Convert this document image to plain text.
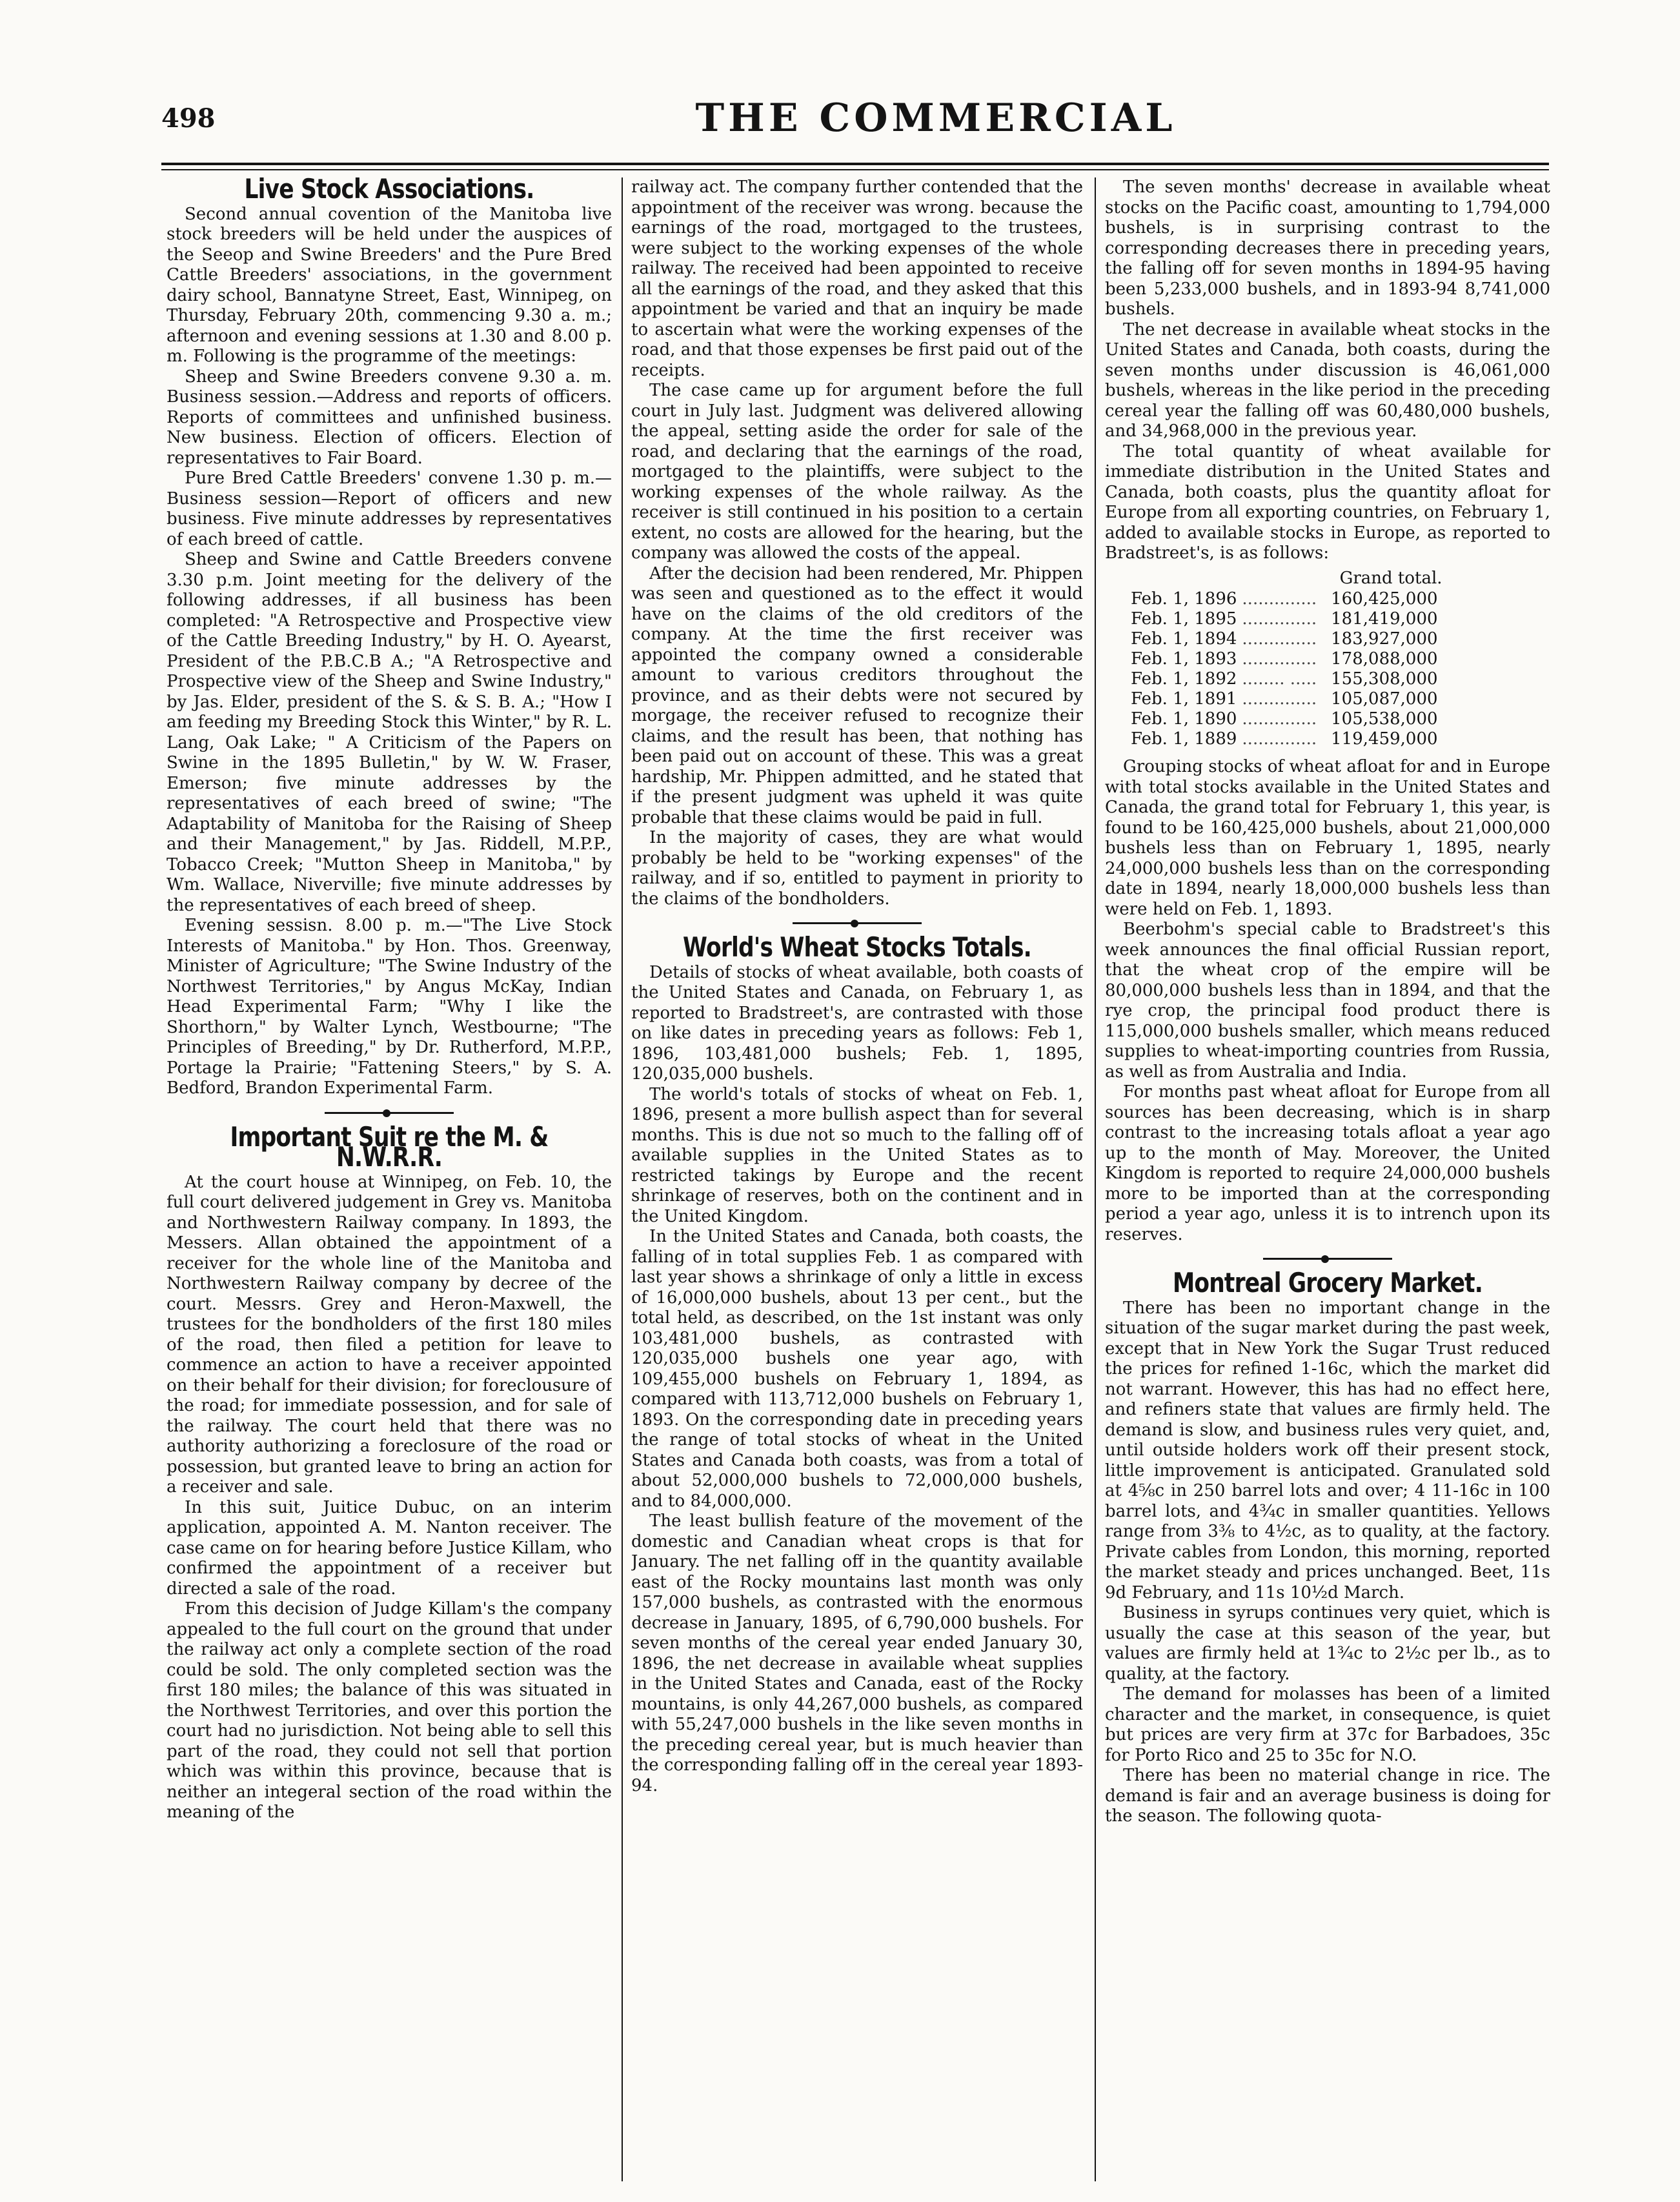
498	THE COMMERCIAL
Live Stock Associations.

Second annual covention of the Manitoba live stock breeders will be held under the auspices of the Seeop and Swine Breeders' and the Pure Bred Cattle Breeders' associations, in the government dairy school, Bannatyne Street, East, Winnipeg, on Thursday, February 20th, commencing 9.30 a. m.; afternoon and evening sessions at 1.30 and 8.00 p. m. Following is the programme of the meetings:

Sheep and Swine Breeders convene 9.30 a. m. Business session.—Address and reports of officers. Reports of committees and unfinished business. New business. Election of officers. Election of representatives to Fair Board.

Pure Bred Cattle Breeders' convene 1.30 p. m.—Business session—Report of officers and new business. Five minute addresses by representatives of each breed of cattle.

Sheep and Swine and Cattle Breeders convene 3.30 p.m. Joint meeting for the delivery of the following addresses, if all business has been completed: "A Retrospective and Prospective view of the Cattle Breeding Industry," by H. O. Ayearst, President of the P.B.C.B A.; "A Retrospective and Prospective view of the Sheep and Swine Industry," by Jas. Elder, president of the S. & S. B. A.; "How I am feeding my Breeding Stock this Winter," by R. L. Lang, Oak Lake; " A Criticism of the Papers on Swine in the 1895 Bulletin," by W. W. Fraser, Emerson; five minute addresses by the representatives of each breed of swine; "The Adaptability of Manitoba for the Raising of Sheep and their Management," by Jas. Riddell, M.P.P., Tobacco Creek; "Mutton Sheep in Manitoba," by Wm. Wallace, Niverville; five minute addresses by the representatives of each breed of sheep.

Evening sessisn. 8.00 p. m.—"The Live Stock Interests of Manitoba." by Hon. Thos. Greenway, Minister of Agriculture; "The Swine Industry of the Northwest Territories," by Angus McKay, Indian Head Experimental Farm; "Why I like the Shorthorn," by Walter Lynch, Westbourne; "The Principles of Breeding," by Dr. Rutherford, M.P.P., Portage la Prairie; "Fattening Steers," by S. A. Bedford, Brandon Experimental Farm.

Important Suit re the M. & N.W.R.R.

At the court house at Winnipeg, on Feb. 10, the full court delivered judgement in Grey vs. Manitoba and Northwestern Railway company. In 1893, the Messers. Allan obtained the appointment of a receiver for the whole line of the Manitoba and Northwestern Railway company by decree of the court. Messrs. Grey and Heron-Maxwell, the trustees for the bondholders of the first 180 miles of the road, then filed a petition for leave to commence an action to have a receiver appointed on their behalf for their division; for foreclousure of the road; for immediate possession, and for sale of the railway. The court held that there was no authority authorizing a foreclosure of the road or possession, but granted leave to bring an action for a receiver and sale.

In this suit, Juitice Dubuc, on an interim application, appointed A. M. Nanton receiver. The case came on for hearing before Justice Killam, who confirmed the appointment of a receiver but directed a sale of the road.

From this decision of Judge Killam's the company appealed to the full court on the ground that under the railway act only a complete section of the road could be sold. The only completed section was the first 180 miles; the balance of this was situated in the Northwest Territories, and over this portion the court had no jurisdiction. Not being able to sell this part of the road, they could not sell that portion which was within this province, because that is neither an integeral section of the road within the meaning of the

railway act. The company further contended that the appointment of the receiver was wrong. because the earnings of the road, mortgaged to the trustees, were subject to the working expenses of the whole railway. The received had been appointed to receive all the earnings of the road, and they asked that this appointment be varied and that an inquiry be made to ascertain what were the working expenses of the road, and that those expenses be first paid out of the receipts.

The case came up for argument before the full court in July last. Judgment was delivered allowing the appeal, setting aside the order for sale of the road, and declaring that the earnings of the road, mortgaged to the plaintiffs, were subject to the working expenses of the whole railway. As the receiver is still continued in his position to a certain extent, no costs are allowed for the hearing, but the company was allowed the costs of the appeal.

After the decision had been rendered, Mr. Phippen was seen and questioned as to the effect it would have on the claims of the old creditors of the company. At the time the first receiver was appointed the company owned a considerable amount to various creditors throughout the province, and as their debts were not secured by morgage, the receiver refused to recognize their claims, and the result has been, that nothing has been paid out on account of these. This was a great hardship, Mr. Phippen admitted, and he stated that if the present judgment was upheld it was quite probable that these claims would be paid in full.

In the majority of cases, they are what would probably be held to be "working expenses" of the railway, and if so, entitled to payment in priority to the claims of the bondholders.

World's Wheat Stocks Totals.

Details of stocks of wheat available, both coasts of the United States and Canada, on February 1, as reported to Bradstreet's, are contrasted with those on like dates in preceding years as follows: Feb 1, 1896, 103,481,000 bushels; Feb. 1, 1895, 120,035,000 bushels.

The world's totals of stocks of wheat on Feb. 1, 1896, present a more bullish aspect than for several months. This is due not so much to the falling off of available supplies in the United States as to restricted takings by Europe and the recent shrinkage of reserves, both on the continent and in the United Kingdom.

In the United States and Canada, both coasts, the falling of in total supplies Feb. 1 as compared with last year shows a shrinkage of only a little in excess of 16,000,000 bushels, about 13 per cent., but the total held, as described, on the 1st instant was only 103,481,000 bushels, as contrasted with 120,035,000 bushels one year ago, with 109,455,000 bushels on February 1, 1894, as compared with 113,712,000 bushels on February 1, 1893. On the corresponding date in preceding years the range of total stocks of wheat in the United States and Canada both coasts, was from a total of about 52,000,000 bushels to 72,000,000 bushels, and to 84,000,000.

The least bullish feature of the movement of the domestic and Canadian wheat crops is that for January. The net falling off in the quantity available east of the Rocky mountains last month was only 157,000 bushels, as contrasted with the enormous decrease in January, 1895, of 6,790,000 bushels. For seven months of the cereal year ended January 30, 1896, the net decrease in available wheat supplies in the United States and Canada, east of the Rocky mountains, is only 44,267,000 bushels, as compared with 55,247,000 bushels in the like seven months in the preceding cereal year, but is much heavier than the corresponding falling off in the cereal year 1893-94.

The seven months' decrease in available wheat stocks on the Pacific coast, amounting to 1,794,000 bushels, is in surprising contrast to the corresponding decreases there in preceding years, the falling off for seven months in 1894-95 having been 5,233,000 bushels, and in 1893-94 8,741,000 bushels.

The net decrease in available wheat stocks in the United States and Canada, both coasts, during the seven months under discussion is 46,061,000 bushels, whereas in the like period in the preceding cereal year the falling off was 60,480,000 bushels, and 34,968,000 in the previous year.

The total quantity of wheat available for immediate distribution in the United States and Canada, both coasts, plus the quantity afloat for Europe from all exporting countries, on February 1, added to available stocks in Europe, as reported to Bradstreet's, is as follows:

		Grand total.
Feb. 1, 1896	..............	160,425,000
Feb. 1, 1895	..............	181,419,000
Feb. 1, 1894	..............	183,927,000
Feb. 1, 1893	..............	178,088,000
Feb. 1, 1892	........ .....	155,308,000
Feb. 1, 1891	..............	105,087,000
Feb. 1, 1890	..............	105,538,000
Feb. 1, 1889	..............	119,459,000

Grouping stocks of wheat afloat for and in Europe with total stocks available in the United States and Canada, the grand total for February 1, this year, is found to be 160,425,000 bushels, about 21,000,000 bushels less than on February 1, 1895, nearly 24,000,000 bushels less than on the corresponding date in 1894, nearly 18,000,000 bushels less than were held on Feb. 1, 1893.

Beerbohm's special cable to Bradstreet's this week announces the final official Russian report, that the wheat crop of the empire will be 80,000,000 bushels less than in 1894, and that the rye crop, the principal food product there is 115,000,000 bushels smaller, which means reduced supplies to wheat-importing countries from Russia, as well as from Australia and India.

For months past wheat afloat for Europe from all sources has been decreasing, which is in sharp contrast to the increasing totals afloat a year ago up to the month of May. Moreover, the United Kingdom is reported to require 24,000,000 bushels more to be imported than at the corresponding period a year ago, unless it is to intrench upon its reserves.

Montreal Grocery Market.

There has been no important change in the situation of the sugar market during the past week, except that in New York the Sugar Trust reduced the prices for refined 1-16c, which the market did not warrant. However, this has had no effect here, and refiners state that values are firmly held. The demand is slow, and business rules very quiet, and, until outside holders work off their present stock, little improvement is anticipated. Granulated sold at 4⅝c in 250 barrel lots and over; 4 11-16c in 100 barrel lots, and 4¾c in smaller quantities. Yellows range from 3⅜ to 4½c, as to quality, at the factory. Private cables from London, this morning, reported the market steady and prices unchanged. Beet, 11s 9d February, and 11s 10½d March.

Business in syrups continues very quiet, which is usually the case at this season of the year, but values are firmly held at 1¾c to 2½c per lb., as to quality, at the factory.

The demand for molasses has been of a limited character and the market, in consequence, is quiet but prices are very firm at 37c for Barbadoes, 35c for Porto Rico and 25 to 35c for N.O.

There has been no material change in rice. The demand is fair and an average business is doing for the season. The following quota-
